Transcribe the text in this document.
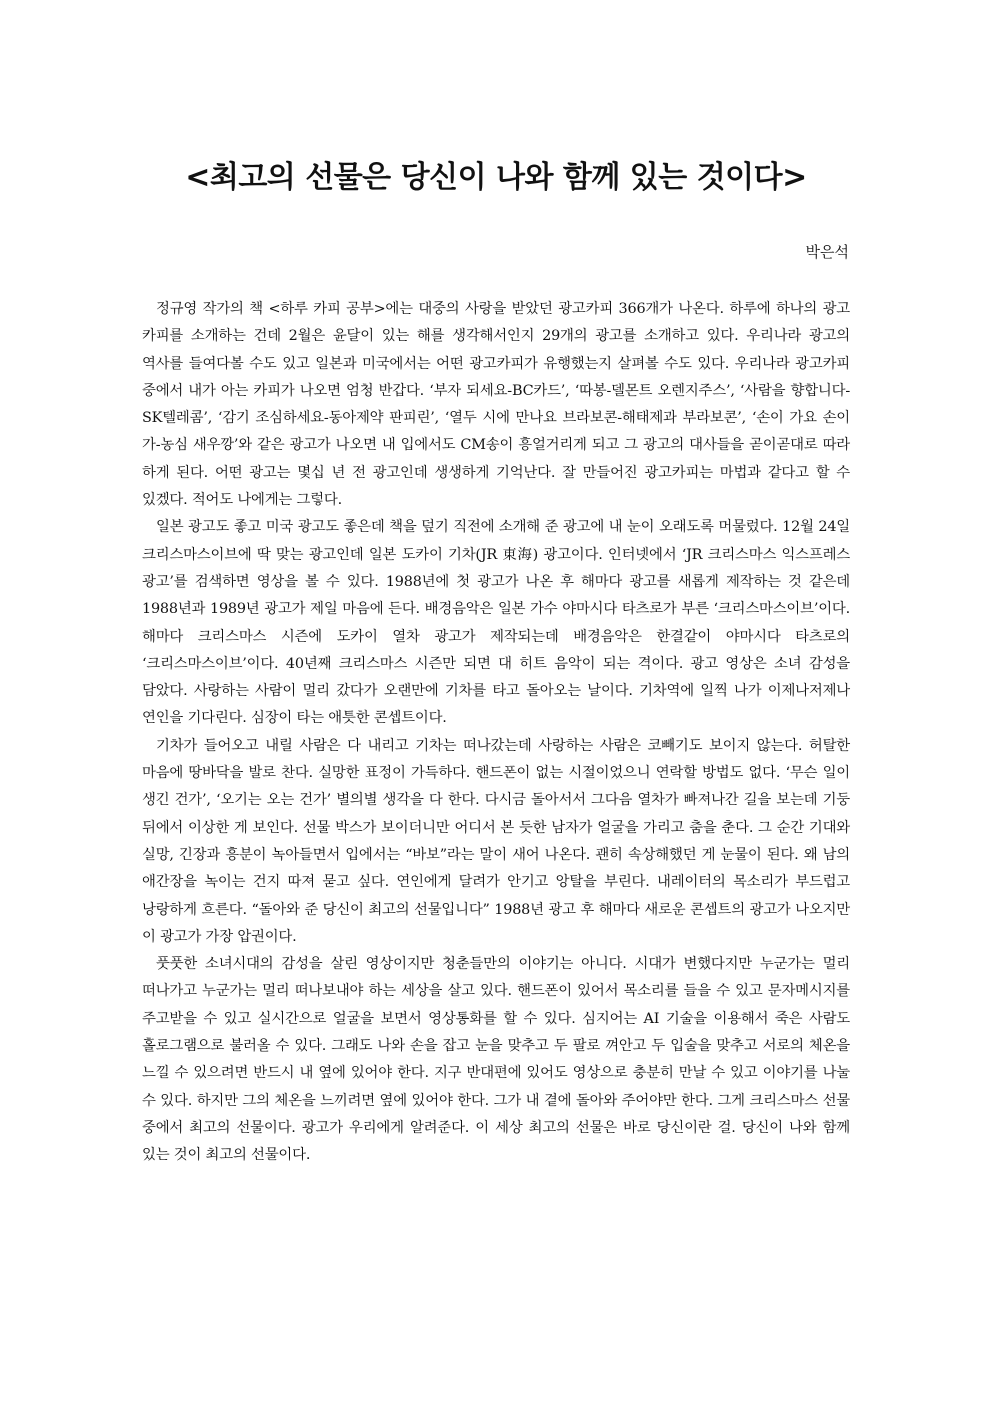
<최고의 선물은 당신이 나와 함께 있는 것이다>

박은석

정규영 작가의 책 <하루 카피 공부>에는 대중의 사랑을 받았던 광고카피 366개가 나온다. 하루에 하나의 광고 카피를 소개하는 건데 2월은 윤달이 있는 해를 생각해서인지 29개의 광고를 소개하고 있다. 우리나라 광고의 역사를 들여다볼 수도 있고 일본과 미국에서는 어떤 광고카피가 유행했는지 살펴볼 수도 있다. 우리나라 광고카피 중에서 내가 아는 카피가 나오면 엄청 반갑다. ‘부자 되세요-BC카드’, ‘따봉-델몬트 오렌지주스’, ‘사람을 향합니다-SK텔레콤’, ‘감기 조심하세요-동아제약 판피린’, ‘열두 시에 만나요 브라보콘-해태제과 부라보콘’, ‘손이 가요 손이 가-농심 새우깡’와 같은 광고가 나오면 내 입에서도 CM송이 흥얼거리게 되고 그 광고의 대사들을 곧이곧대로 따라 하게 된다. 어떤 광고는 몇십 년 전 광고인데 생생하게 기억난다. 잘 만들어진 광고카피는 마법과 같다고 할 수 있겠다. 적어도 나에게는 그렇다.

일본 광고도 좋고 미국 광고도 좋은데 책을 덮기 직전에 소개해 준 광고에 내 눈이 오래도록 머물렀다. 12월 24일 크리스마스이브에 딱 맞는 광고인데 일본 도카이 기차(JR 東海) 광고이다. 인터넷에서 ‘JR 크리스마스 익스프레스 광고’를 검색하면 영상을 볼 수 있다. 1988년에 첫 광고가 나온 후 해마다 광고를 새롭게 제작하는 것 같은데 1988년과 1989년 광고가 제일 마음에 든다. 배경음악은 일본 가수 야마시다 타츠로가 부른 ‘크리스마스이브’이다. 해마다 크리스마스 시즌에 도카이 열차 광고가 제작되는데 배경음악은 한결같이 야마시다 타츠로의 ‘크리스마스이브’이다. 40년째 크리스마스 시즌만 되면 대 히트 음악이 되는 격이다. 광고 영상은 소녀 감성을 담았다. 사랑하는 사람이 멀리 갔다가 오랜만에 기차를 타고 돌아오는 날이다. 기차역에 일찍 나가 이제나저제나 연인을 기다린다. 심장이 타는 애틋한 콘셉트이다.

기차가 들어오고 내릴 사람은 다 내리고 기차는 떠나갔는데 사랑하는 사람은 코빼기도 보이지 않는다. 허탈한 마음에 땅바닥을 발로 찬다. 실망한 표정이 가득하다. 핸드폰이 없는 시절이었으니 연락할 방법도 없다. ‘무슨 일이 생긴 건가’, ‘오기는 오는 건가’ 별의별 생각을 다 한다. 다시금 돌아서서 그다음 열차가 빠져나간 길을 보는데 기둥 뒤에서 이상한 게 보인다. 선물 박스가 보이더니만 어디서 본 듯한 남자가 얼굴을 가리고 춤을 춘다. 그 순간 기대와 실망, 긴장과 흥분이 녹아들면서 입에서는 “바보”라는 말이 새어 나온다. 괜히 속상해했던 게 눈물이 된다. 왜 남의 애간장을 녹이는 건지 따져 묻고 싶다. 연인에게 달려가 안기고 앙탈을 부린다. 내레이터의 목소리가 부드럽고 낭랑하게 흐른다. “돌아와 준 당신이 최고의 선물입니다” 1988년 광고 후 해마다 새로운 콘셉트의 광고가 나오지만 이 광고가 가장 압권이다.

풋풋한 소녀시대의 감성을 살린 영상이지만 청춘들만의 이야기는 아니다. 시대가 변했다지만 누군가는 멀리 떠나가고 누군가는 멀리 떠나보내야 하는 세상을 살고 있다. 핸드폰이 있어서 목소리를 들을 수 있고 문자메시지를 주고받을 수 있고 실시간으로 얼굴을 보면서 영상통화를 할 수 있다. 심지어는 AI 기술을 이용해서 죽은 사람도 홀로그램으로 불러올 수 있다. 그래도 나와 손을 잡고 눈을 맞추고 두 팔로 껴안고 두 입술을 맞추고 서로의 체온을 느낄 수 있으려면 반드시 내 옆에 있어야 한다. 지구 반대편에 있어도 영상으로 충분히 만날 수 있고 이야기를 나눌 수 있다. 하지만 그의 체온을 느끼려면 옆에 있어야 한다. 그가 내 곁에 돌아와 주어야만 한다. 그게 크리스마스 선물 중에서 최고의 선물이다. 광고가 우리에게 알려준다. 이 세상 최고의 선물은 바로 당신이란 걸. 당신이 나와 함께 있는 것이 최고의 선물이다.
